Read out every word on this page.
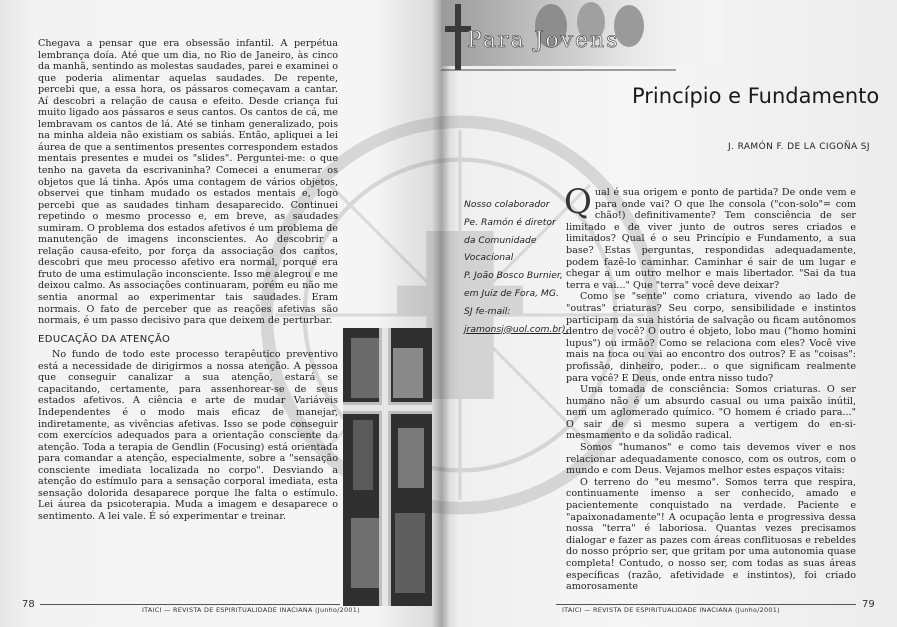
Chegava a pensar que era obsessão infantil. A perpétua lembrança doía. Até que um dia, no Rio de Janeiro, às cinco da manhã, sentindo as molestas saudades, parei e examinei o que poderia alimentar aquelas saudades. De repente, percebi que, a essa hora, os pássaros começavam a cantar. Aí descobri a relação de causa e efeito. Desde criança fui muito ligado aos pássaros e seus cantos. Os cantos de cá, me lembravam os cantos de lá. Até se tinham generalizado, pois na minha aldeia não existiam os sabiás. Então, apliquei a lei áurea de que a sentimentos presentes correspondem estados mentais presentes e mudei os "slides". Perguntei-me: o que tenho na gaveta da escrivaninha? Comecei a enumerar os objetos que lá tinha. Após uma contagem de vários objetos, observei que tinham mudado os estados mentais e, logo percebi que as saudades tinham desaparecido. Continuei repetindo o mesmo processo e, em breve, as saudades sumiram. O problema dos estados afetivos é um problema de manutenção de imagens inconscientes. Ao descobrir a relação causa-efeito, por força da associação dos cantos, descobri que meu processo afetivo era normal, porque era fruto de uma estimulação inconsciente. Isso me alegrou e me deixou calmo. As associações continuaram, porém eu não me sentia anormal ao experimentar tais saudades. Eram normais. O fato de perceber que as reações afetivas são normais, é um passo decisivo para que deixem de perturbar.

EDUCAÇÃO DA ATENÇÃO

No fundo de todo este processo terapêutico preventivo está a necessidade de dirigirmos a nossa atenção. A pessoa que conseguir canalizar a sua atenção, estará se capacitando, certamente, para assenhorear-se de seus estados afetivos. A ciência e arte de mudar Variáveis Independentes é o modo mais eficaz de manejar, indiretamente, as vivências afetivas. Isso se pode conseguir com exercícios adequados para a orientação consciente da atenção. Toda a terapia de Gendlin (Focusing) está orientada para comandar a atenção, especialmente, sobre a "sensação consciente imediata localizada no corpo". Desviando a atenção do estímulo para a sensação corporal imediata, esta sensação dolorida desaparece porque lhe falta o estímulo. Lei áurea da psicoterapia. Muda a imagem e desaparece o sentimento. A lei vale. É só experimentar e treinar.

Nosso colaborador
Pe. Ramón é diretor
da Comunidade
Vocacional
P. João Bosco Burnier,
em Juiz de Fora, MG.
SJ fe-mail:
jramonsj@uol.com.br).
Para Jovens
Princípio e Fundamento
J. RAMÓN F. DE LA CIGOÑA SJ

Qual é sua origem e ponto de partida? De onde vem e para onde vai? O que lhe consola ("con-solo"= com chão!) definitivamente? Tem consciência de ser limitado e de viver junto de outros seres criados e limitados? Qual é o seu Princípio e Fundamento, a sua base? Estas perguntas, respondidas adequadamente, podem fazê-lo caminhar. Caminhar é sair de um lugar e chegar a um outro melhor e mais libertador. "Sai da tua terra e vai..." Que "terra" você deve deixar?

Como se "sente" como criatura, vivendo ao lado de "outras" criaturas? Seu corpo, sensibilidade e instintos participam da sua história de salvação ou ficam autônomos dentro de você? O outro é objeto, lobo mau ("homo homini lupus") ou irmão? Como se relaciona com eles? Você vive mais na toca ou vai ao encontro dos outros? E as "coisas": profissão, dinheiro, poder... o que significam realmente para você? E Deus, onde entra nisso tudo?

Uma tomada de consciência: Somos criaturas. O ser humano não é um absurdo casual ou uma paixão inútil, nem um aglomerado químico. "O homem é criado para..." O sair de si mesmo supera a vertigem do en-si-mesmamento e da solidão radical.

Somos "humanos" e como tais devemos viver e nos relacionar adequadamente conosco, com os outros, com o mundo e com Deus. Vejamos melhor estes espaços vitais:

O terreno do "eu mesmo". Somos terra que respira, continuamente imenso a ser conhecido, amado e pacientemente conquistado na verdade. Paciente e "apaixonadamente"! A ocupação lenta e progressiva dessa nossa "terra" é laboriosa. Quantas vezes precisamos dialogar e fazer as pazes com áreas conflituosas e rebeldes do nosso próprio ser, que gritam por uma autonomia quase completa! Contudo, o nosso ser, com todas as suas áreas específicas (razão, afetividade e instintos), foi criado amorosamente

78	ITAICI — REVISTA DE ESPIRITUALIDADE INACIANA (Junho/2001)	ITAICI — REVISTA DE ESPIRITUALIDADE INACIANA (Junho/2001)	79
